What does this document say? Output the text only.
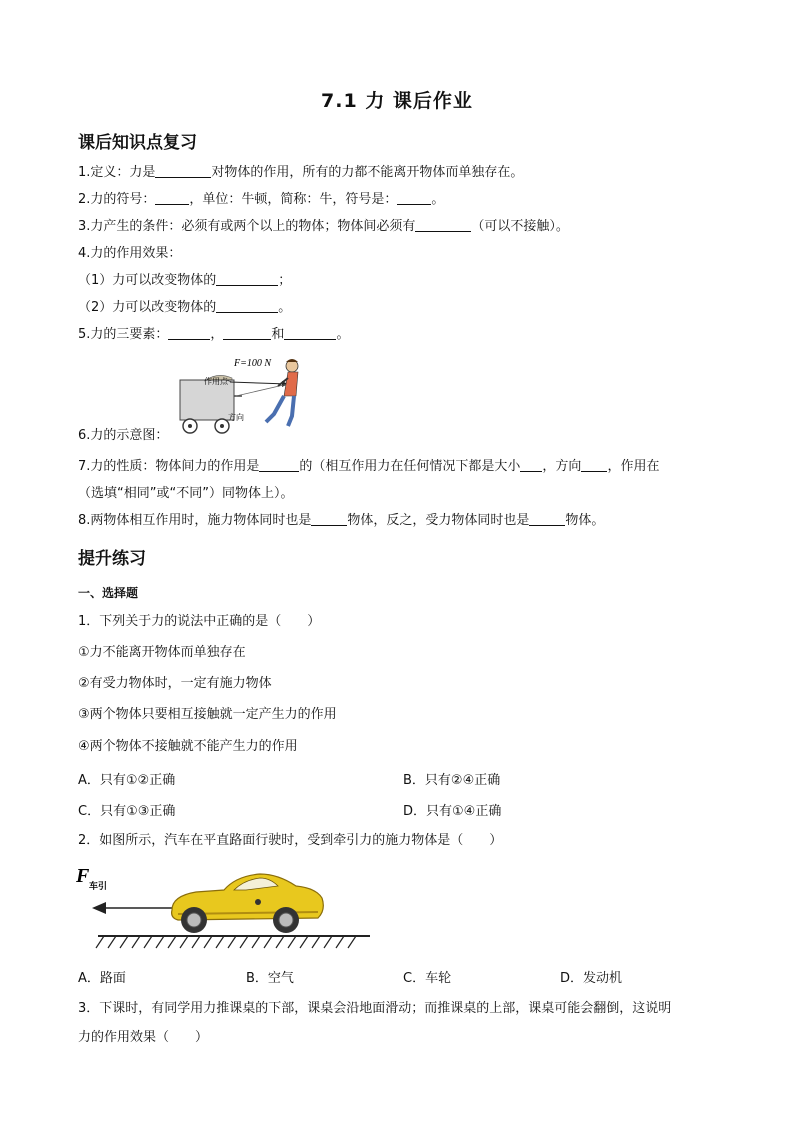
7.1 力 课后作业
课后知识点复习
1.定义：力是	对物体的作用，所有的力都不能离开物体而单独存在。
2.力的符号：	，单位：牛顿，简称：牛，符号是：	。
3.力产生的条件：必须有或两个以上的物体；物体间必须有	（可以不接触）。
4.力的作用效果：
（1）力可以改变物体的	；
（2）力可以改变物体的	。
5.力的三要素：	，	和	。
F=100 N
作用点
方向
6.力的示意图：
7.力的性质：物体间力的作用是	的（相互作用力在任何情况下都是大小 ，方向 ，作用在
（选填“相同”或“不同”）同物体上）。
8.两物体相互作用时，施力物体同时也是	物体，反之，受力物体同时也是	物体。
提升练习
一、选择题
1．下列关于力的说法中正确的是（　　）
①力不能离开物体而单独存在
②有受力物体时，一定有施力物体
③两个物体只要相互接触就一定产生力的作用
④两个物体不接触就不能产生力的作用
A．只有①②正确	B．只有②④正确
C．只有①③正确	D．只有①④正确
2．如图所示，汽车在平直路面行驶时，受到牵引力的施力物体是（　　）
F 车引
A．路面	B．空气	C．车轮	D．发动机
3．下课时，有同学用力推课桌的下部，课桌会沿地面滑动；而推课桌的上部，课桌可能会翻倒，这说明
力的作用效果（　　）
